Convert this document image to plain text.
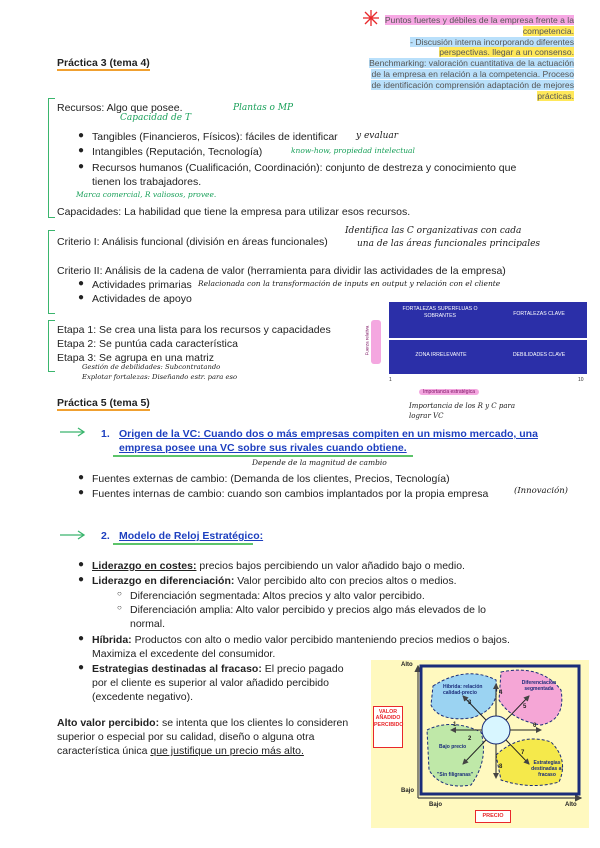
Puntos fuertes y débiles de la empresa frente a la
competencia.
- Discusión interna incorporando diferentes
perspectivas. llegar a un consenso.
Benchmarking: valoración cuantitativa de la actuación
de la empresa en relación a la competencia. Proceso
de identificación comprensión adaptación de mejores
prácticas.
Práctica 3 (tema 4)
Recursos: Algo que posee.
Capacidad de T
Plantas o MP
● Tangibles (Financieros, Físicos): fáciles de identificar y evaluar
● Intangibles (Reputación, Tecnología)	know-how, propiedad intelectual
● Recursos humanos (Cualificación, Coordinación): conjunto de destreza y conocimiento que
tienen los trabajadores.
Marca comercial, R valiosos, provee.
Capacidades: La habilidad que tiene la empresa para utilizar esos recursos.
Criterio I: Análisis funcional (división en áreas funcionales)
Identifica las C organizativas con cada
una de las áreas funcionales principales
Criterio II: Análisis de la cadena de valor (herramienta para dividir las actividades de la empresa)
● Actividades primarias Relacionada con la transformación de inputs en output y relación con el cliente
● Actividades de apoyo
Etapa 1: Se crea una lista para los recursos y capacidades
Etapa 2: Se puntúa cada característica
Etapa 3: Se agrupa en una matriz
Gestión de debilidades: Subcontratando
Explotar fortalezas: Diseñando estr. para eso
Fuerza relativa
FORTALEZAS SUPERFLUAS O SOBRANTES	FORTALEZAS CLAVE
ZONA IRRELEVANTE	DEBILIDADES CLAVE
1	10
Importancia estratégica
Importancia de los R y C para
lograr VC
Práctica 5 (tema 5)
1. Origen de la VC: Cuando dos o más empresas compiten en un mismo mercado, una
empresa posee una VC sobre sus rivales cuando obtiene.
Depende de la magnitud de cambio
● Fuentes externas de cambio: (Demanda de los clientes, Precios, Tecnología)
● Fuentes internas de cambio: cuando son cambios implantados por la propia empresa	(Innovación)
2. Modelo de Reloj Estratégico:
● Liderazgo en costes: precios bajos percibiendo un valor añadido bajo o medio.
● Liderazgo en diferenciación: Valor percibido alto con precios altos o medios.
○ Diferenciación segmentada: Altos precios y alto valor percibido.
○ Diferenciación amplia: Alto valor percibido y precios algo más elevados de lo
normal.
● Híbrida: Productos con alto o medio valor percibido manteniendo precios medios o bajos.
Maximiza el excedente del consumidor.
● Estrategias destinadas al fracaso: El precio pagado
por el cliente es superior al valor añadido percibido
(excedente negativo).
Alto valor percibido: se intenta que los clientes lo consideren
superior o especial por su calidad, diseño o alguna otra
característica única que justifique un precio más alto.
Alto
Bajo
Bajo	Alto
VALOR AÑADIDO PERCIBIDO
PRECIO
Híbrida: relación calidad-precio
Diferenciación segmentada
Bajo precio
"Sin filigranas"
Estrategias destinadas al fracaso
1
2
3
4
5
6
7
8
